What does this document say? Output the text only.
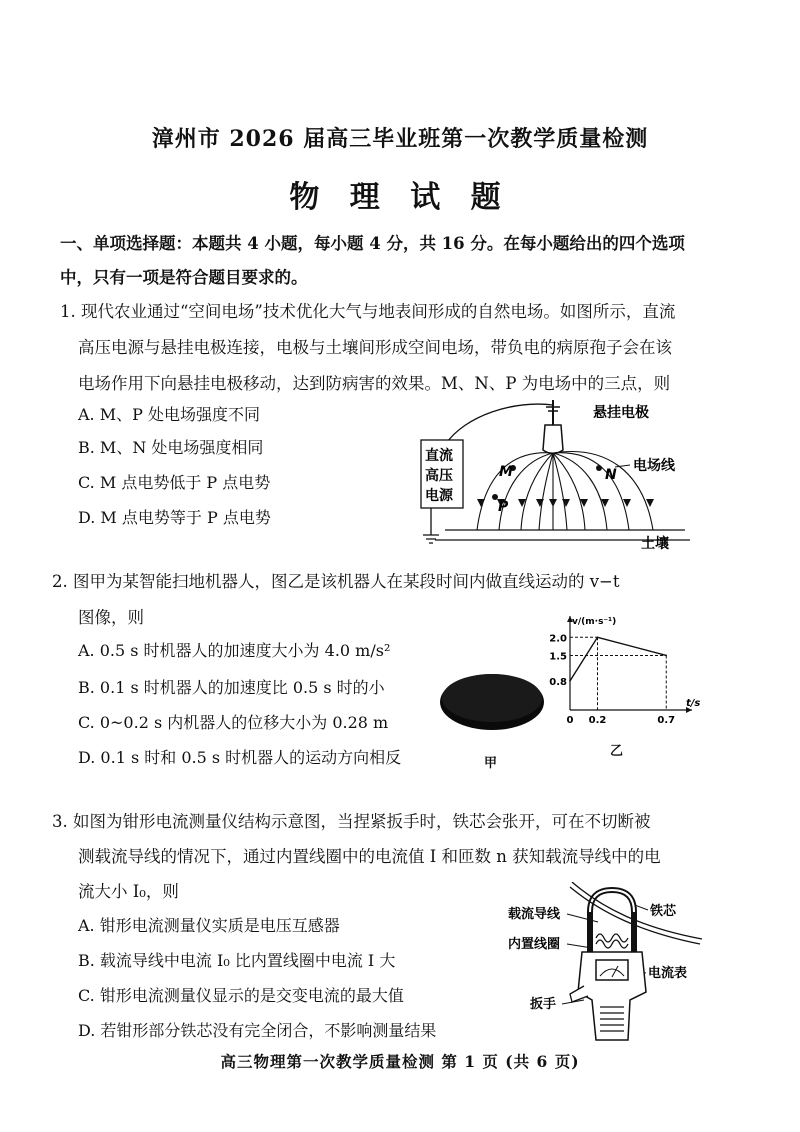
漳州市 2026 届高三毕业班第一次教学质量检测
物 理 试 题
一、单项选择题：本题共 4 小题，每小题 4 分，共 16 分。在每小题给出的四个选项
中，只有一项是符合题目要求的。
1. 现代农业通过“空间电场”技术优化大气与地表间形成的自然电场。如图所示，直流
高压电源与悬挂电极连接，电极与土壤间形成空间电场，带负电的病原孢子会在该
电场作用下向悬挂电极移动，达到防病害的效果。M、N、P 为电场中的三点，则
A. M、P 处电场强度不同
B. M、N 处电场强度相同
C. M 点电势低于 P 点电势
D. M 点电势等于 P 点电势
悬挂电极
直流
高压
电源
M	N
P
电场线
土壤
2. 图甲为某智能扫地机器人，图乙是该机器人在某段时间内做直线运动的 v−t
图像，则
A. 0.5 s 时机器人的加速度大小为 4.0 m/s²
B. 0.1 s 时机器人的加速度比 0.5 s 时的小
C. 0~0.2 s 内机器人的位移大小为 0.28 m
D. 0.1 s 时和 0.5 s 时机器人的运动方向相反	甲
0.8
1.5
2.0
0 0.2	0.7
v/(m·s⁻¹)
t/s
乙
3. 如图为钳形电流测量仪结构示意图，当捏紧扳手时，铁芯会张开，可在不切断被
测载流导线的情况下，通过内置线圈中的电流值 I 和匝数 n 获知载流导线中的电
流大小 I₀，则
A. 钳形电流测量仪实质是电压互感器
B. 载流导线中电流 I₀ 比内置线圈中电流 I 大
C. 钳形电流测量仪显示的是交变电流的最大值
D. 若钳形部分铁芯没有完全闭合，不影响测量结果
载流导线
内置线圈
铁芯
电流表
扳手
高三物理第一次教学质量检测 第 1 页 (共 6 页)
